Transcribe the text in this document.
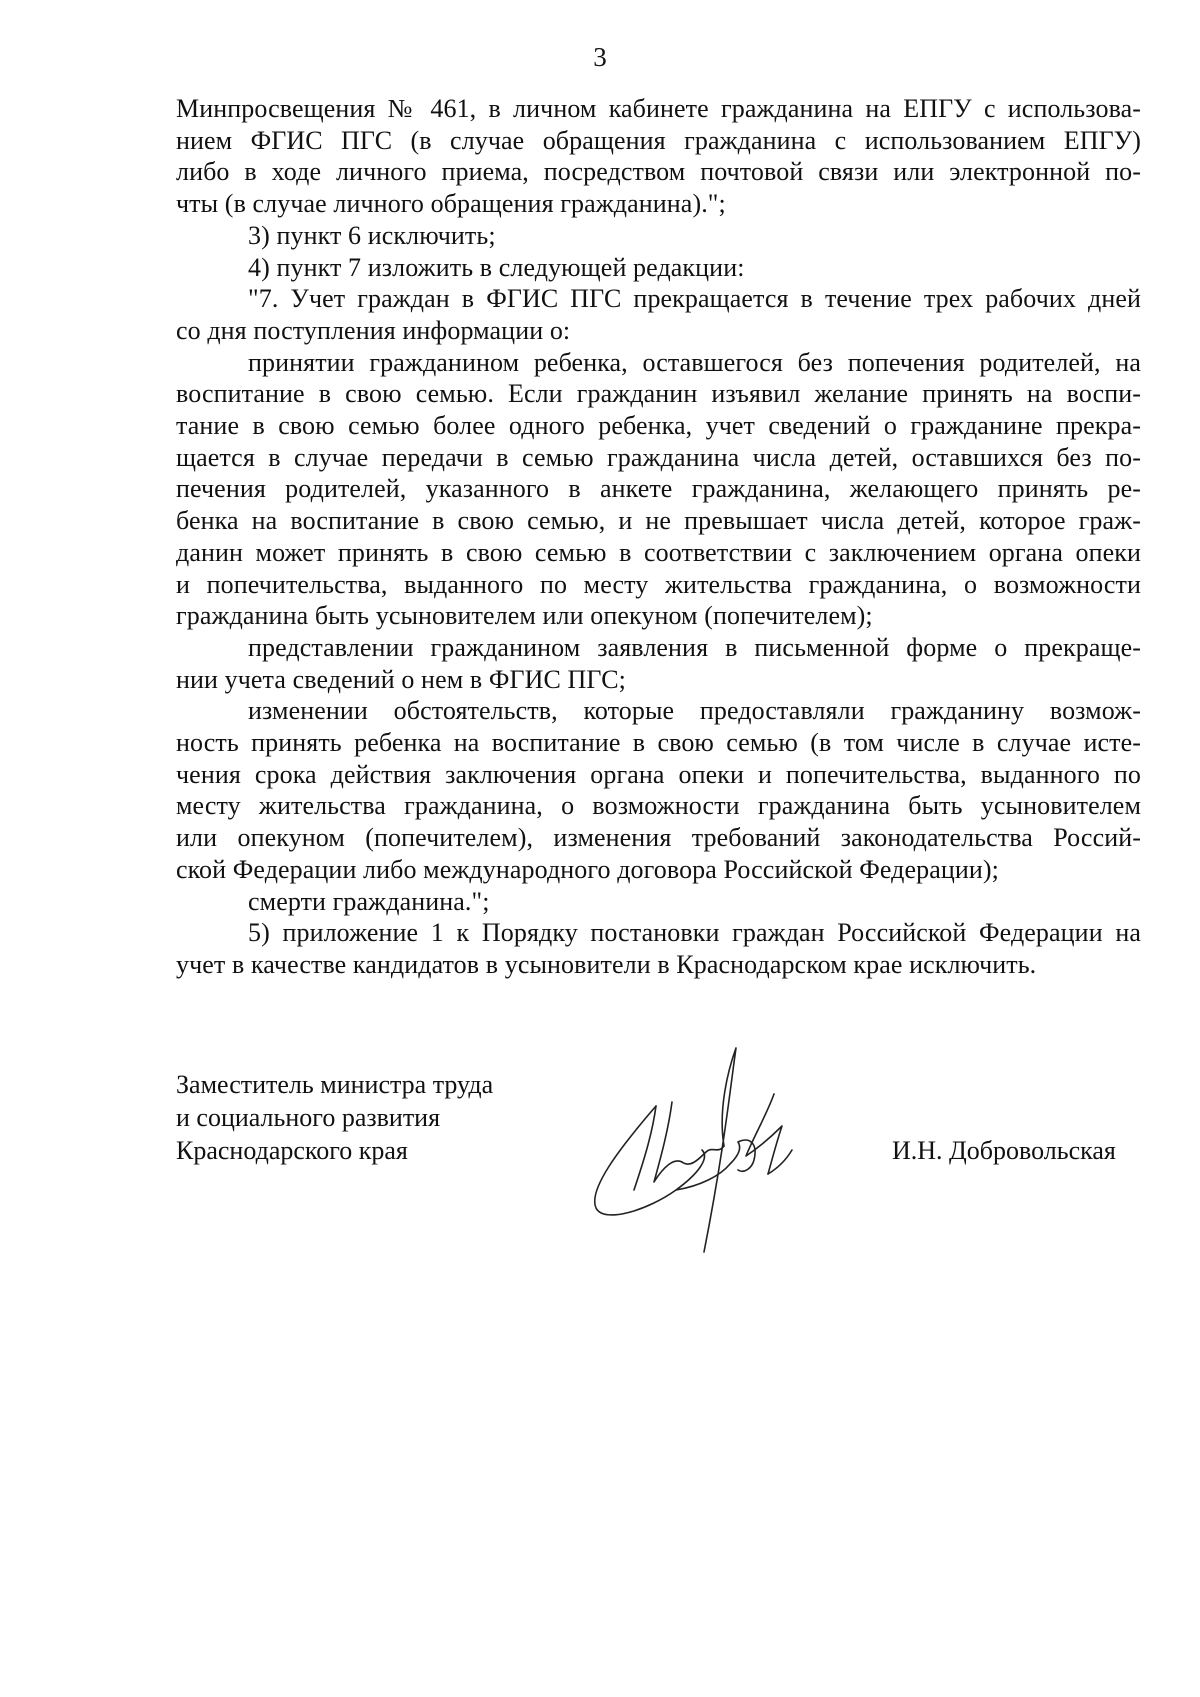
3

Минпросвещения № 461, в личном кабинете гражданина на ЕПГУ с использова-
нием ФГИС ПГС (в случае обращения гражданина с использованием ЕПГУ)
либо в ходе личного приема, посредством почтовой связи или электронной по-
чты (в случае личного обращения гражданина).";

3) пункт 6 исключить;

4) пункт 7 изложить в следующей редакции:

"7. Учет граждан в ФГИС ПГС прекращается в течение трех рабочих дней
со дня поступления информации о:

принятии гражданином ребенка, оставшегося без попечения родителей, на
воспитание в свою семью. Если гражданин изъявил желание принять на воспи-
тание в свою семью более одного ребенка, учет сведений о гражданине прекра-
щается в случае передачи в семью гражданина числа детей, оставшихся без по-
печения родителей, указанного в анкете гражданина, желающего принять ре-
бенка на воспитание в свою семью, и не превышает числа детей, которое граж-
данин может принять в свою семью в соответствии с заключением органа опеки
и попечительства, выданного по месту жительства гражданина, о возможности
гражданина быть усыновителем или опекуном (попечителем);

представлении гражданином заявления в письменной форме о прекраще-
нии учета сведений о нем в ФГИС ПГС;

изменении обстоятельств, которые предоставляли гражданину возмож-
ность принять ребенка на воспитание в свою семью (в том числе в случае исте-
чения срока действия заключения органа опеки и попечительства, выданного по
месту жительства гражданина, о возможности гражданина быть усыновителем
или опекуном (попечителем), изменения требований законодательства Россий-
ской Федерации либо международного договора Российской Федерации);

смерти гражданина.";

5) приложение 1 к Порядку постановки граждан Российской Федерации на
учет в качестве кандидатов в усыновители в Краснодарском крае исключить.

Заместитель министра труда
и социального развития
Краснодарского края	И.Н. Добровольская
